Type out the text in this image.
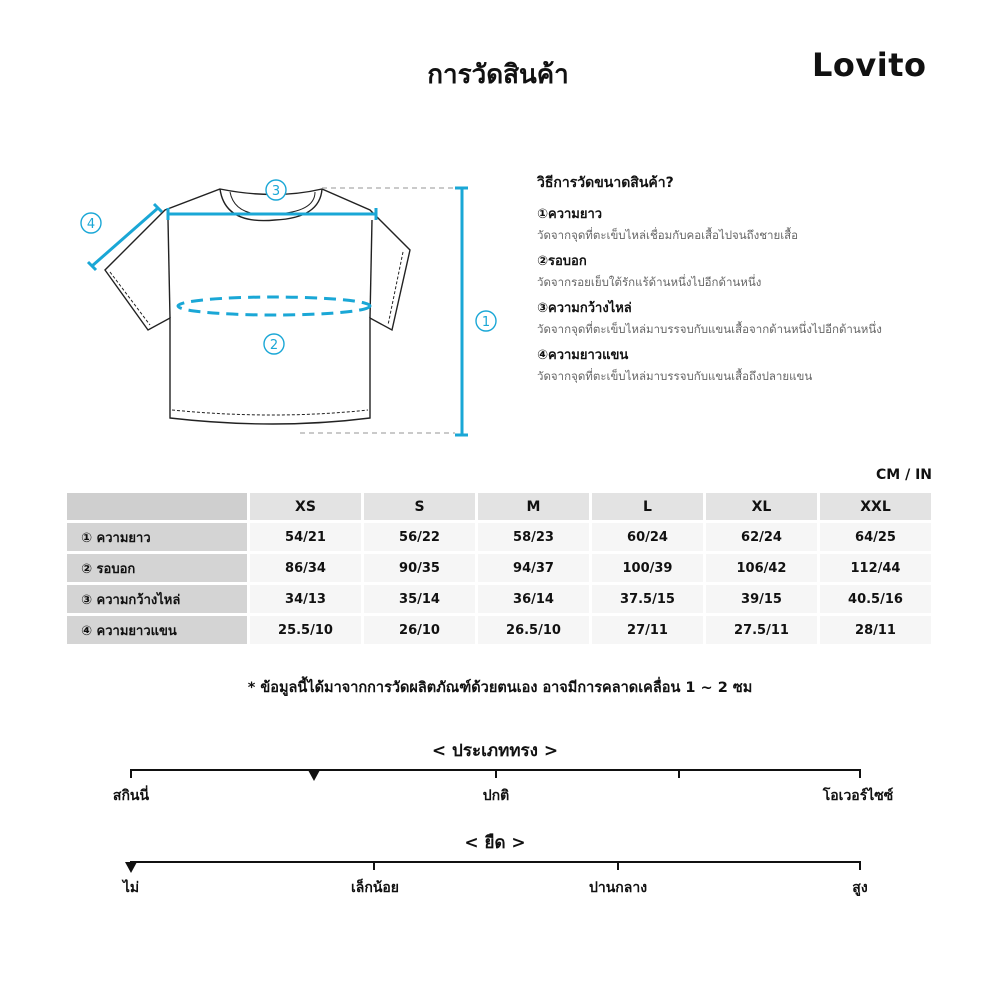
การวัดสินค้า	Lovito
1
2
3
4
วิธีการวัดขนาดสินค้า?
①ความยาว
วัดจากจุดที่ตะเข็บไหล่เชื่อมกับคอเสื้อไปจนถึงชายเสื้อ
②รอบอก
วัดจากรอยเย็บใต้รักแร้ด้านหนึ่งไปอีกด้านหนึ่ง
③ความกว้างไหล่
วัดจากจุดที่ตะเข็บไหล่มาบรรจบกับแขนเสื้อจากด้านหนึ่งไปอีกด้านหนึ่ง
④ความยาวแขน
วัดจากจุดที่ตะเข็บไหล่มาบรรจบกับแขนเสื้อถึงปลายแขน
CM / IN
	XS	S	M	L	XL	XXL
① ความยาว	54/21	56/22	58/23	60/24	62/24	64/25
② รอบอก	86/34	90/35	94/37	100/39	106/42	112/44
③ ความกว้างไหล่	34/13	35/14	36/14	37.5/15	39/15	40.5/16
④ ความยาวแขน	25.5/10	26/10	26.5/10	27/11	27.5/11	28/11
* ข้อมูลนี้ได้มาจากการวัดผลิตภัณฑ์ด้วยตนเอง อาจมีการคลาดเคลื่อน 1 ~ 2 ซม
< ประเภททรง >
สกินนี่	ปกติ	โอเวอร์ไซซ์
< ยืด >
ไม่	เล็กน้อย	ปานกลาง	สูง
